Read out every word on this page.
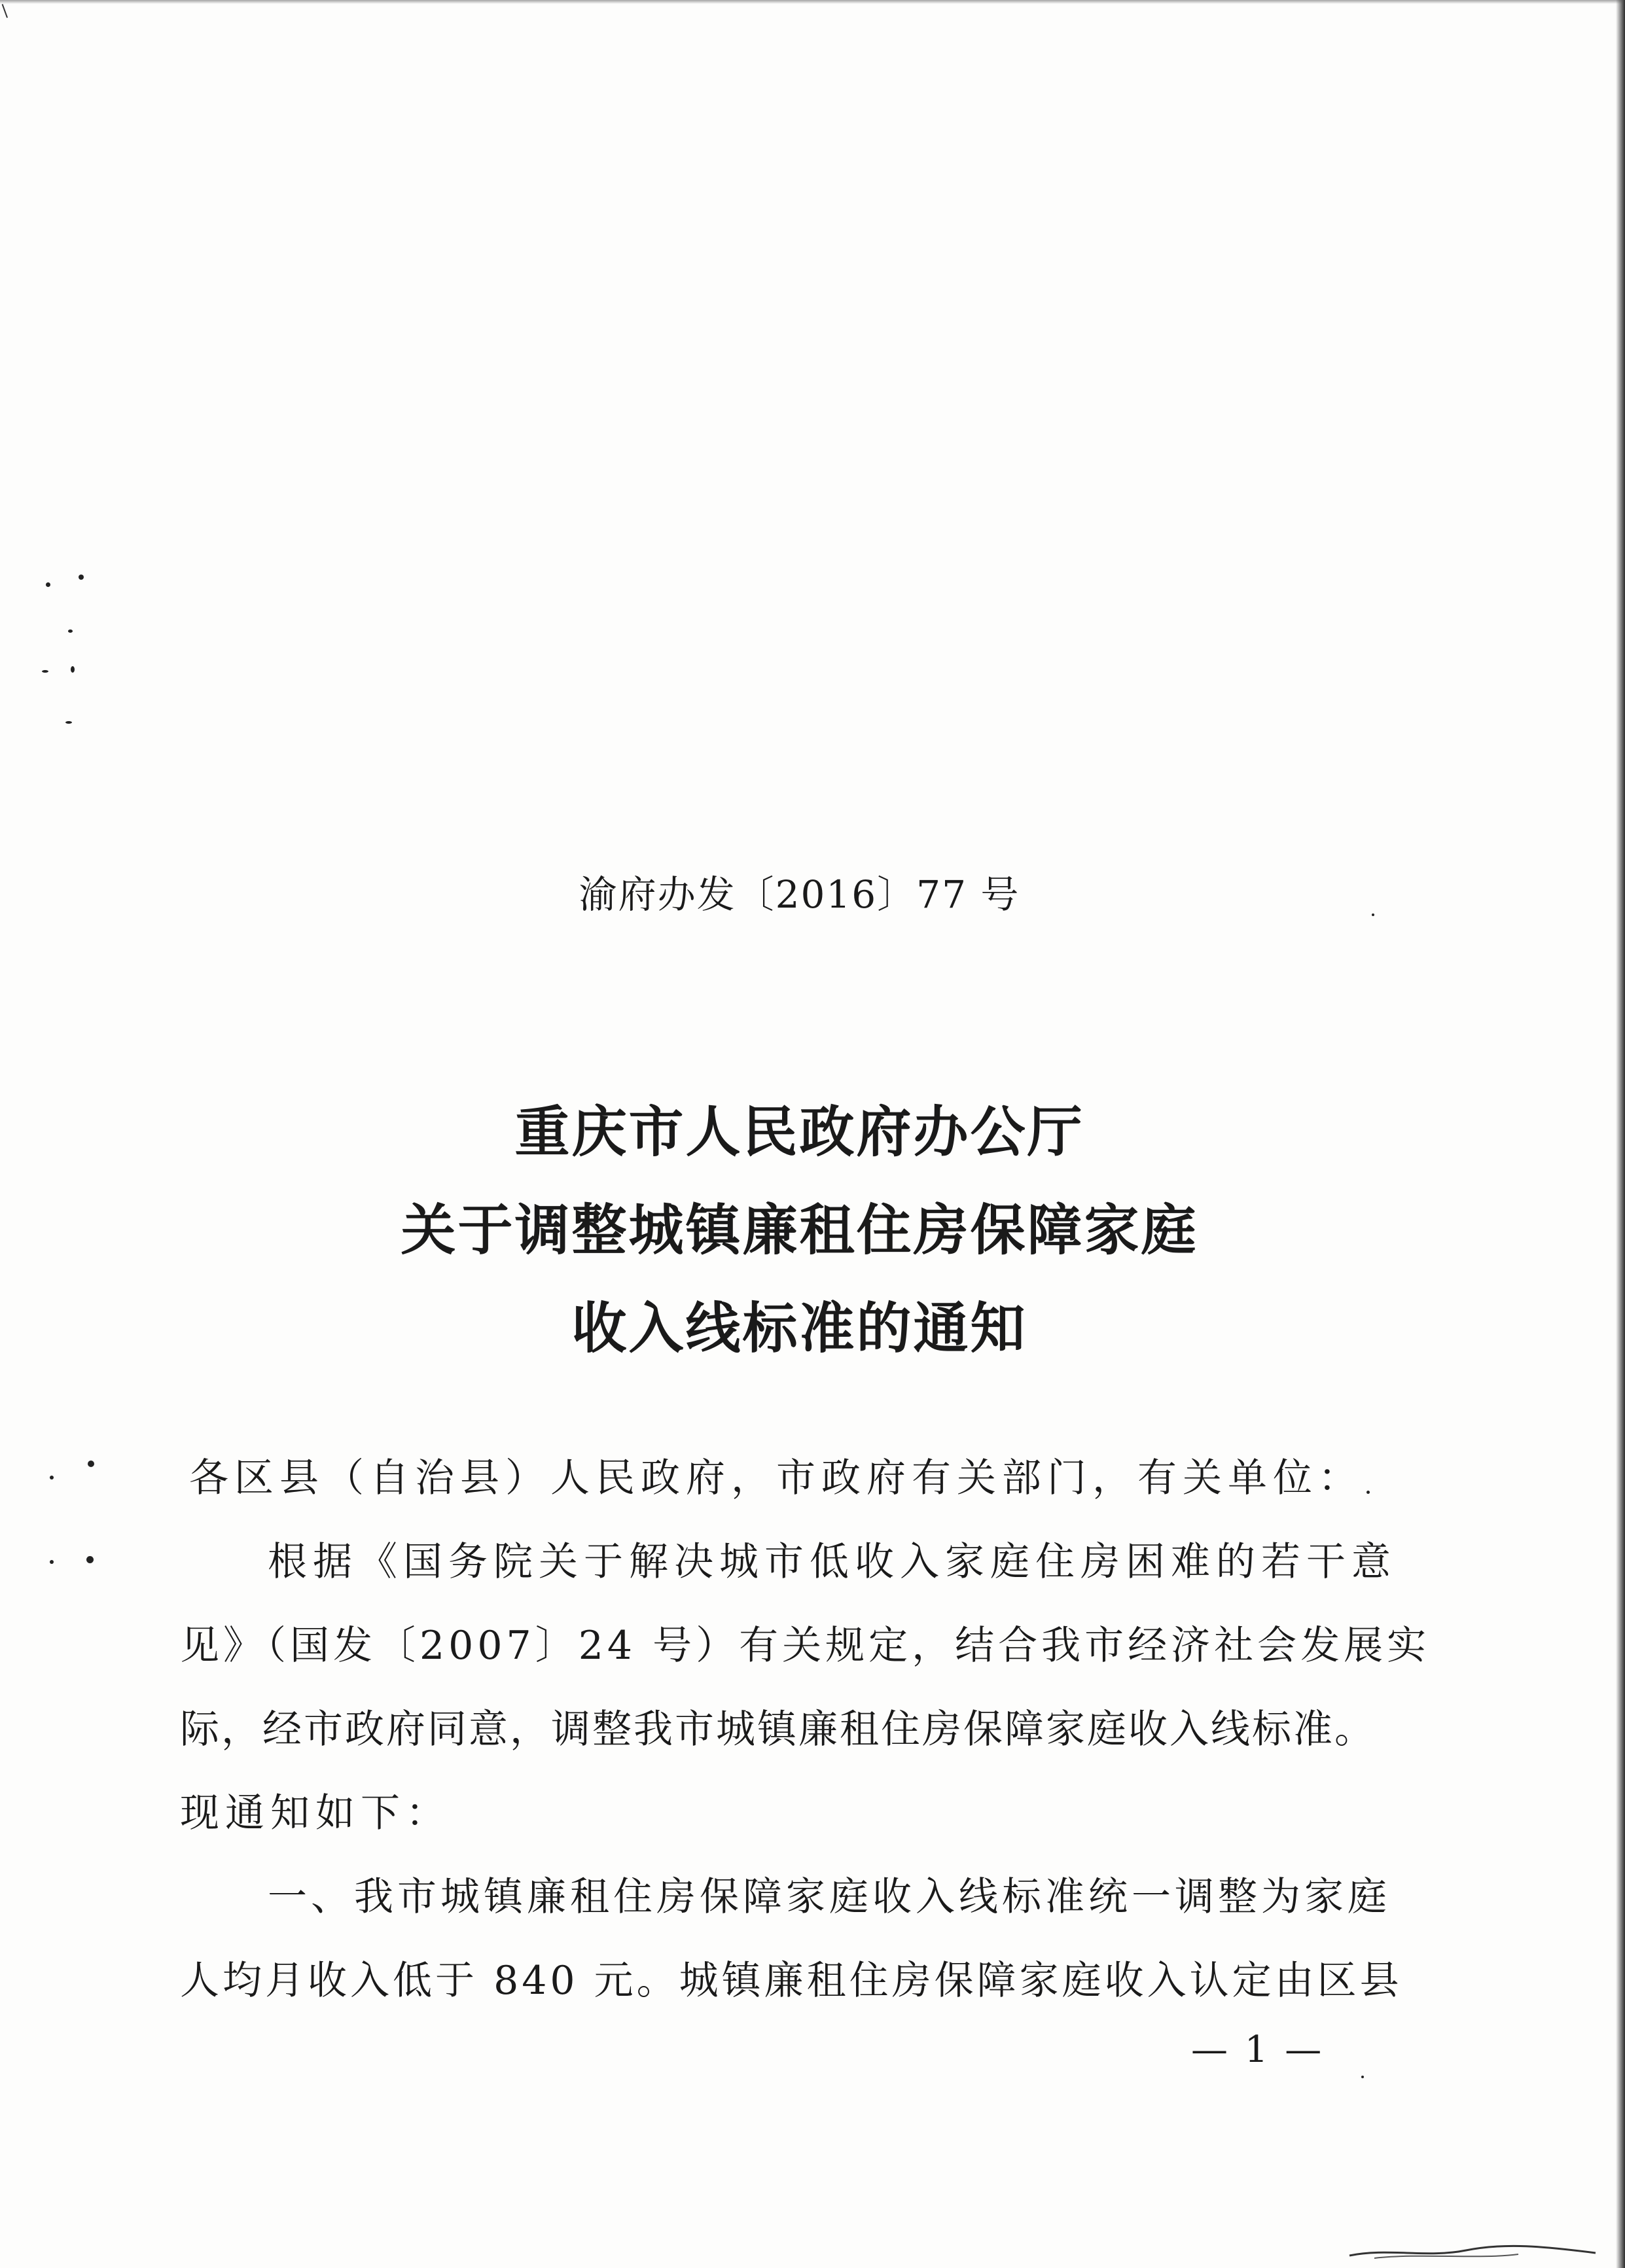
渝府办发〔2016〕77 号
重庆市人民政府办公厅
关于调整城镇廉租住房保障家庭
收入线标准的通知

各区县（自治县）人民政府，市政府有关部门，有关单位：

根据《国务院关于解决城市低收入家庭住房困难的若干意

见》（国发〔2007〕24 号）有关规定，结合我市经济社会发展实

际，经市政府同意，调整我市城镇廉租住房保障家庭收入线标准。

现通知如下：

一、我市城镇廉租住房保障家庭收入线标准统一调整为家庭

人均月收入低于 840 元。城镇廉租住房保障家庭收入认定由区县

— 1 —
